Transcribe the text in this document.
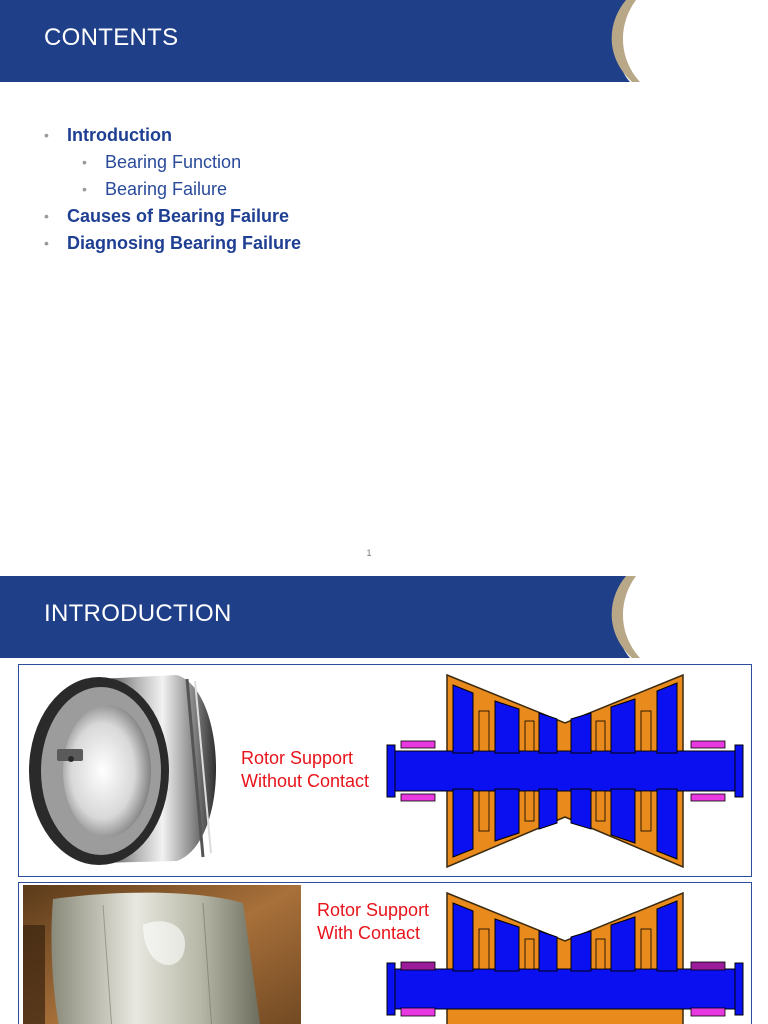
CONTENTS
• Introduction
• Bearing Function
• Bearing Failure
• Causes of Bearing Failure
• Diagnosing Bearing Failure
1
INTRODUCTION
Rotor Support
Without Contact
Rotor Support
With Contact
